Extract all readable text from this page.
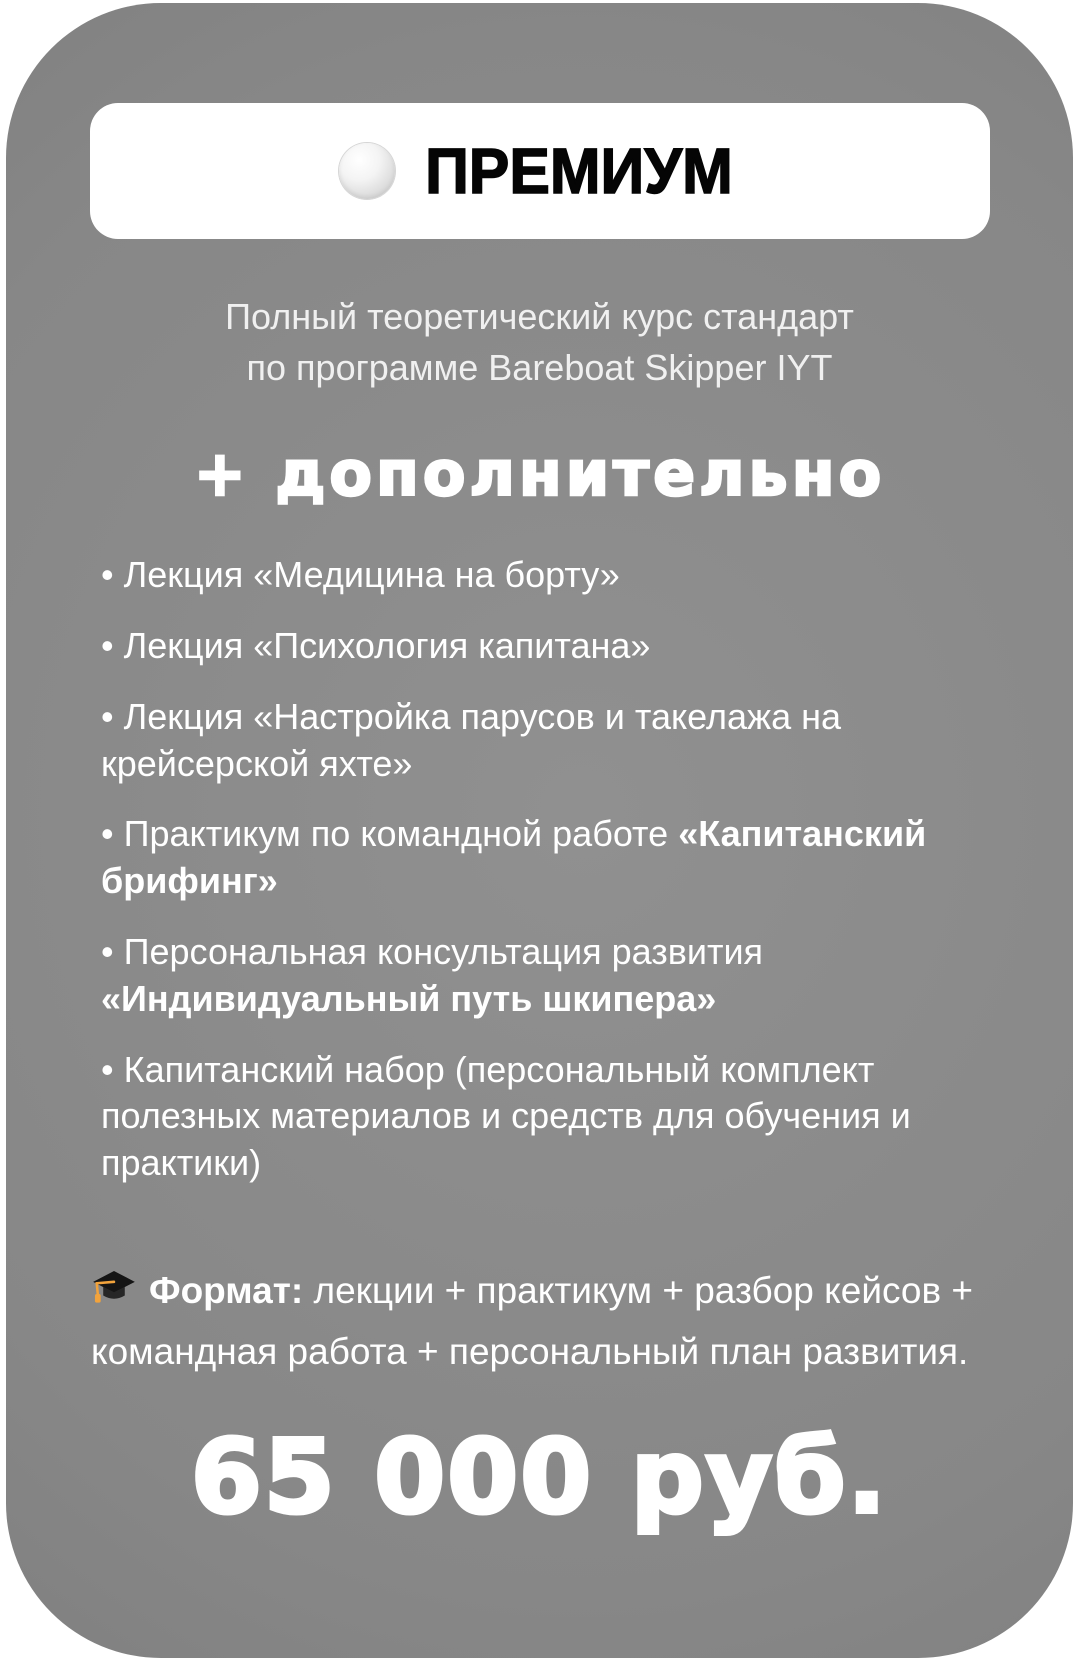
ПРЕМИУМ
Полный теоретический курс стандарт
по программе Bareboat Skipper IYT
+ дополнительно
• Лекция «Медицина на борту»
• Лекция «Психология капитана»
• Лекция «Настройка парусов и такелажа на крейсерской яхте»
• Практикум по командной работе «Капитанский брифинг»
• Персональная консультация развития «Индивидуальный путь шкипера»
• Капитанский набор (персональный комплект полезных материалов и средств для обучения и практики)
Формат: лекции + практикум + разбор кейсов + командная работа + персональный план развития.
65 000 руб.
